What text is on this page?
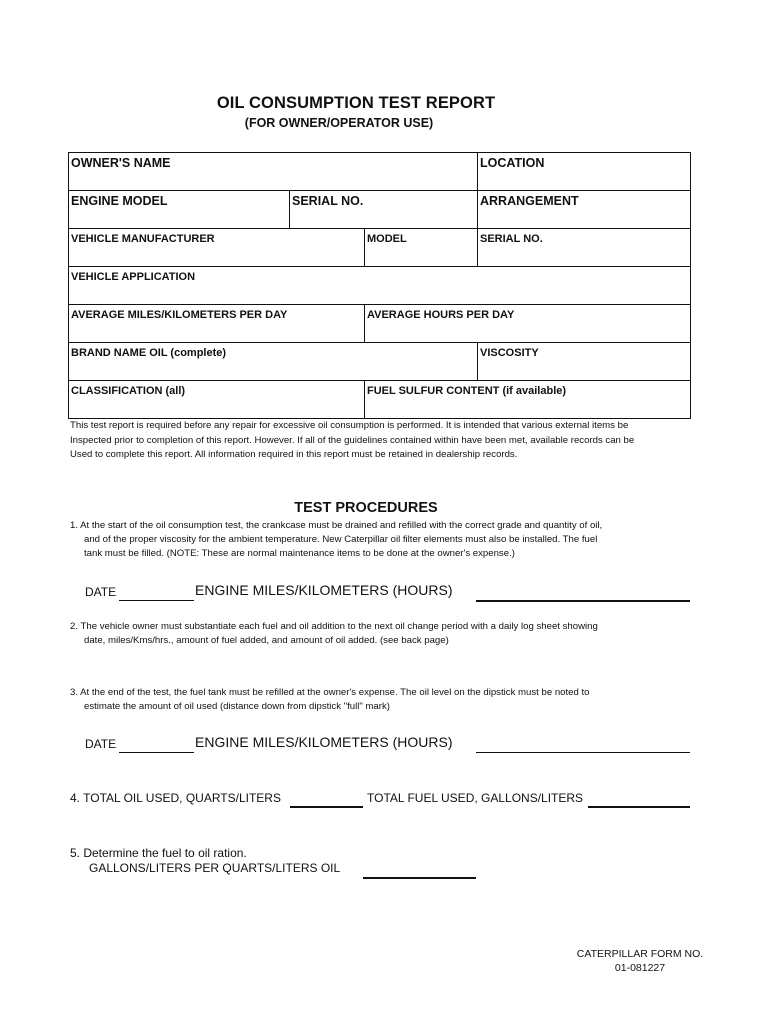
OIL CONSUMPTION TEST REPORT
(FOR OWNER/OPERATOR USE)
OWNER'S NAME	LOCATION
ENGINE MODEL	SERIAL NO.	ARRANGEMENT
VEHICLE MANUFACTURER	MODEL	SERIAL NO.
VEHICLE APPLICATION
AVERAGE MILES/KILOMETERS PER DAY	AVERAGE HOURS PER DAY
BRAND NAME OIL (complete)	VISCOSITY
CLASSIFICATION (all)	FUEL SULFUR CONTENT (if available)
This test report is required before any repair for excessive oil consumption is performed. It is intended that various external items be
Inspected prior to completion of this report. However. If all of the guidelines contained within have been met, available records can be
Used to complete this report. All information required in this report must be retained in dealership records.
TEST PROCEDURES
1. At the start of the oil consumption test, the crankcase must be drained and refilled with the correct grade and quantity of oil,
and of the proper viscosity for the ambient temperature. New Caterpillar oil filter elements must also be installed. The fuel
tank must be filled. (NOTE: These are normal maintenance items to be done at the owner's expense.)
DATE	ENGINE MILES/KILOMETERS (HOURS)
2. The vehicle owner must substantiate each fuel and oil addition to the next oil change period with a daily log sheet showing
date, miles/Kms/hrs., amount of fuel added, and amount of oil added. (see back page)
3. At the end of the test, the fuel tank must be refilled at the owner's expense. The oil level on the dipstick must be noted to
estimate the amount of oil used (distance down from dipstick "full" mark)
DATE	ENGINE MILES/KILOMETERS (HOURS)
4. TOTAL OIL USED, QUARTS/LITERS	TOTAL FUEL USED, GALLONS/LITERS
5. Determine the fuel to oil ration.
GALLONS/LITERS PER QUARTS/LITERS OIL
CATERPILLAR FORM NO.
01-081227
